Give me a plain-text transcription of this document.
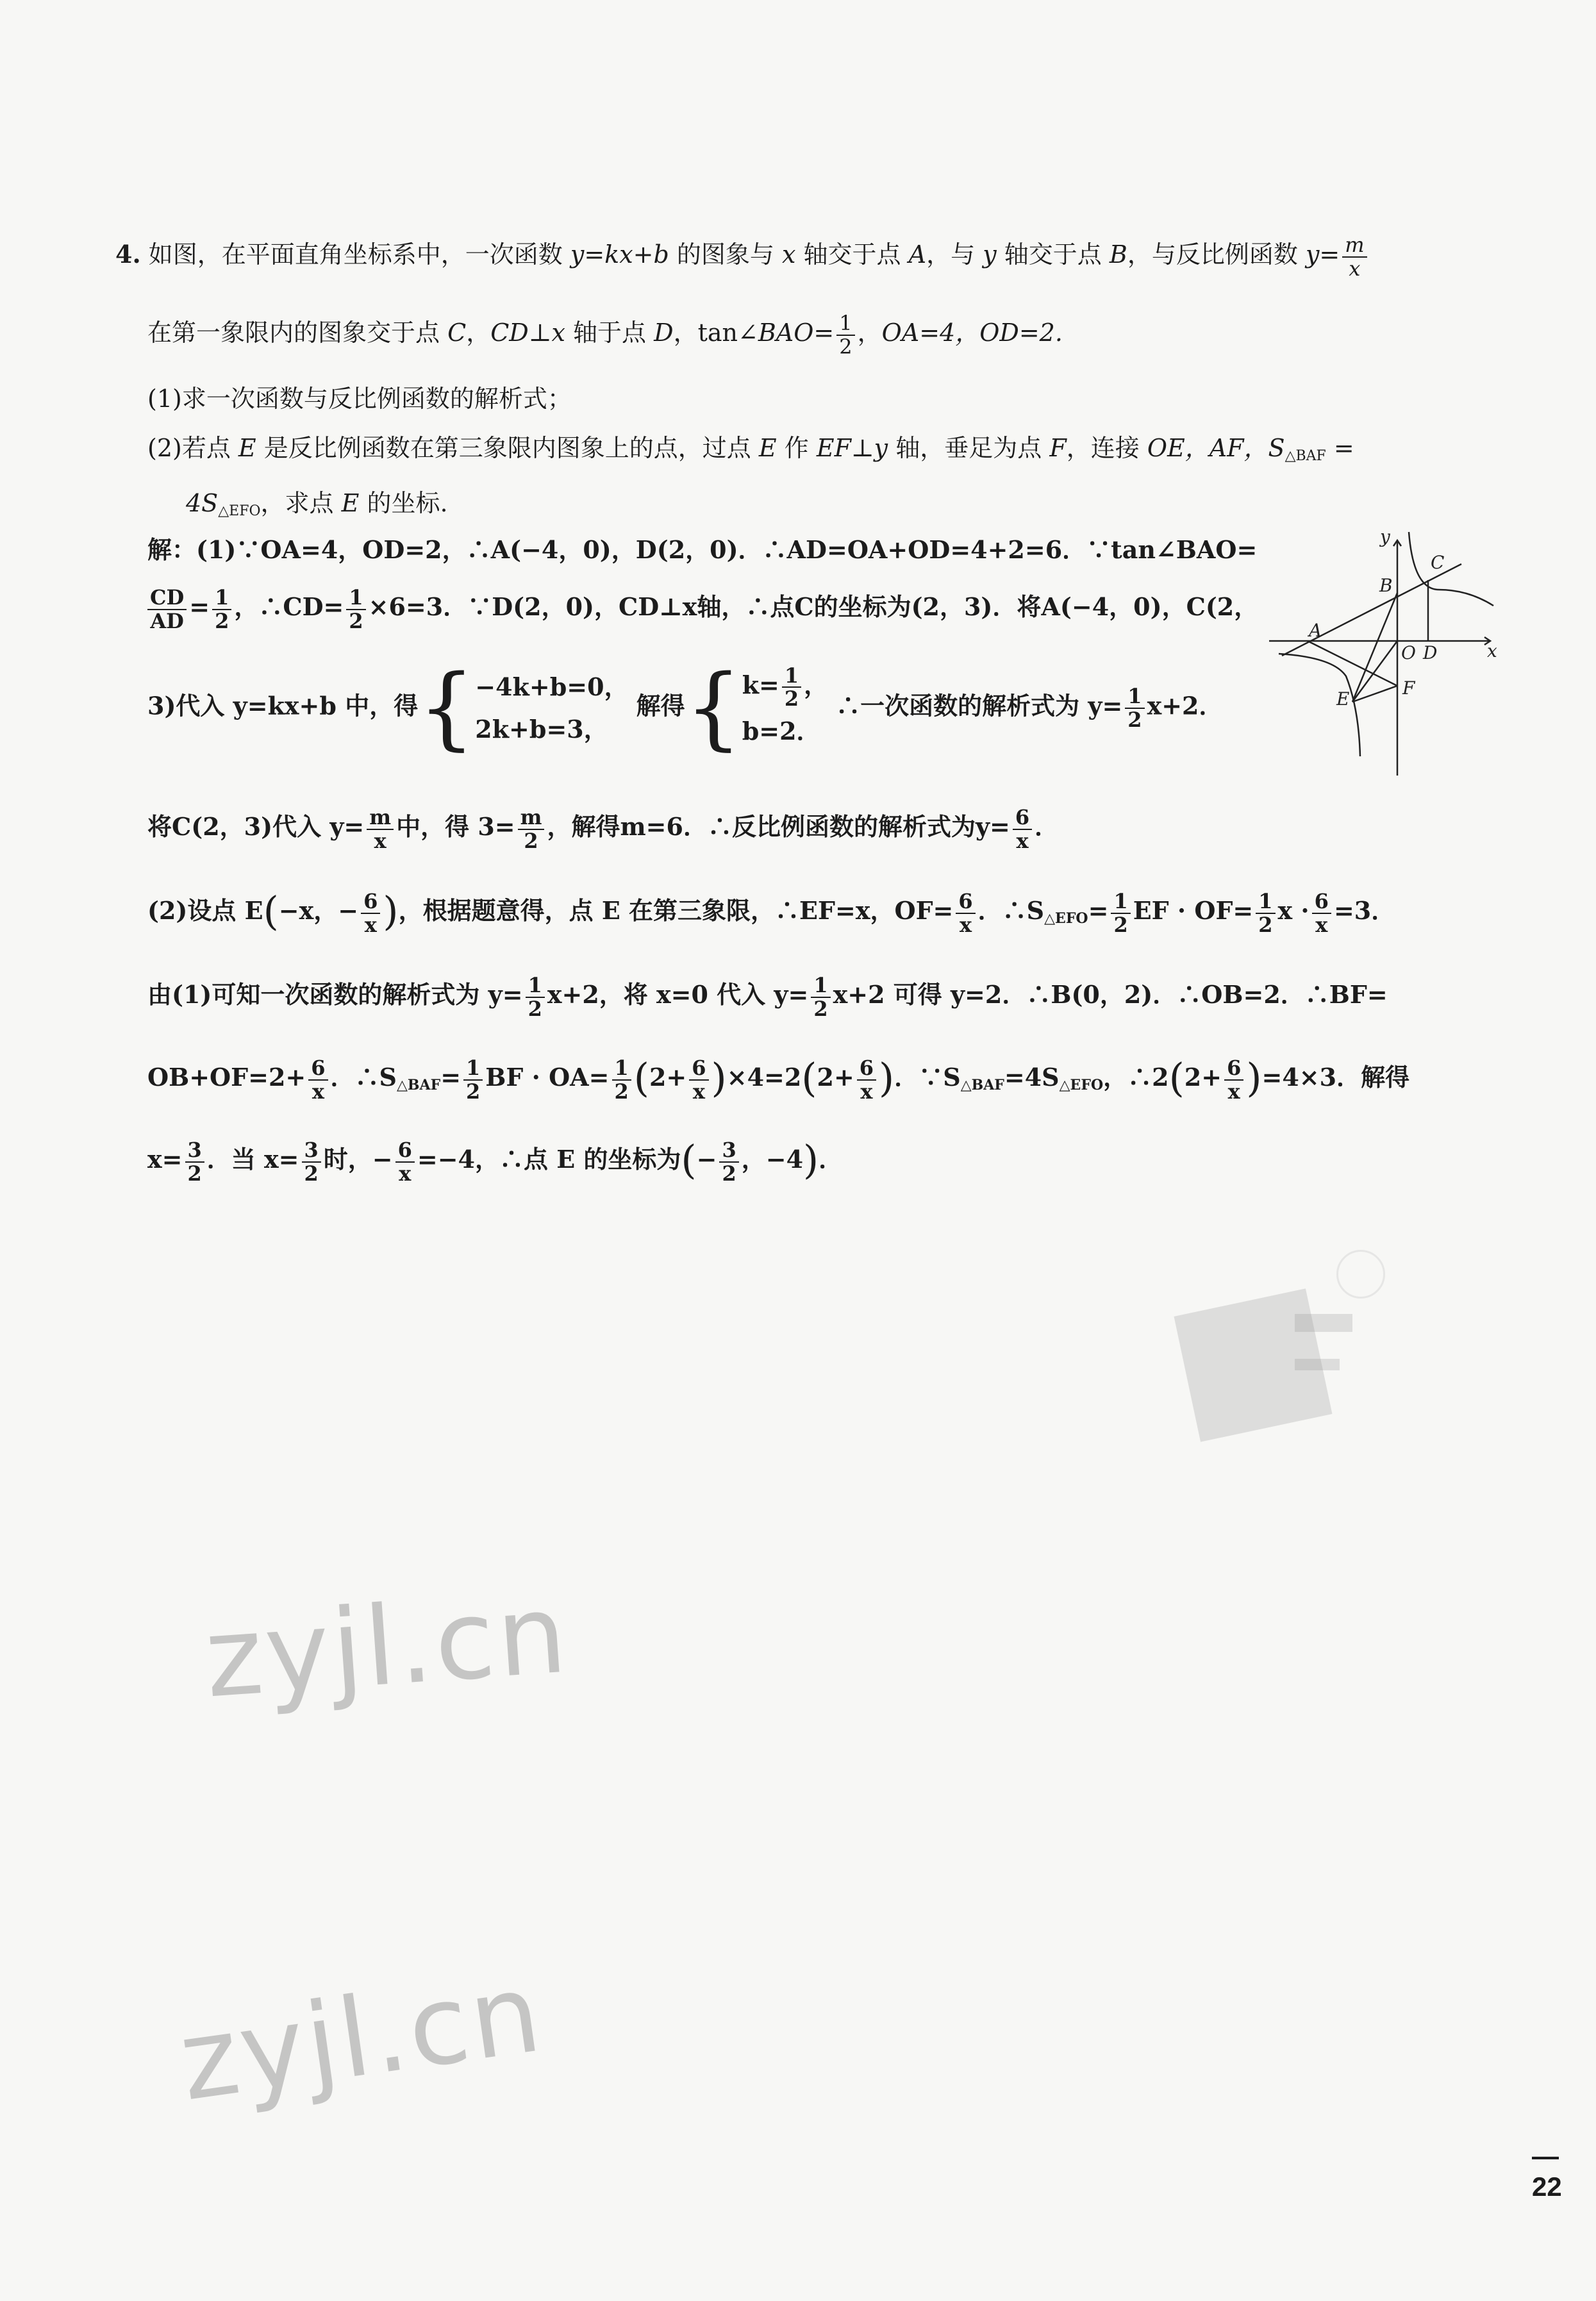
4. 如图，在平面直角坐标系中，一次函数 y=kx+b 的图象与 x 轴交于点 A，与 y 轴交于点 B，与反比例函数 $y= \frac{m}{x}$
在第一象限内的图象交于点 C，CD⊥x 轴于点 D，tan∠BAO= $\frac{1}{2}$ ，OA=4，OD=2.
(1)求一次函数与反比例函数的解析式；
(2)若点 E 是反比例函数在第三象限内图象上的点，过点 E 作 EF⊥y 轴，垂足为点 F，连接 OE，AF，$S_{\triangle BAF}$ =
$4S_{\triangle EFO}$，求点 E 的坐标.
解：(1)∵OA=4，OD=2，∴A(−4，0)，D(2，0)．∴AD=OA+OD=4+2=6．∵tan∠BAO=
$\frac{CD}{AD} = \frac{1}{2}$ ，∴CD= $\frac{1}{2} \times 6=3$．∵D(2，0)，CD⊥x轴，∴点C的坐标为(2，3)．将A(−4，0)，C(2，
3)代入 y=kx+b 中，得{ −4k+b=0，
2k+b=3，
解得{ $k= \frac{1}{2}$ ，
b=2．
∴一次函数的解析式为 $y= \frac{1}{2} x+2$．
将C(2，3)代入 $y= \frac{m}{x}$ 中，得 $3= \frac{m}{2}$ ，解得m=6．∴反比例函数的解析式为$y= \frac{6}{x}$ ．
(2)设点 E(−x，− $\frac{6}{x}$ )，根据题意得，点 E 在第三象限，∴EF=x，$OF= \frac{6}{x}$ ．$\therefore S_{\triangle EFO}= \frac{1}{2}$ EF · $OF= \frac{1}{2}$ $x \cdot \frac{6}{x} =3$．
由(1)可知一次函数的解析式为 $y= \frac{1}{2} x+2$，将 x=0 代入 $y= \frac{1}{2} x+2$ 可得 y=2．∴B(0，2)．∴OB=2．∴BF=
$OB+OF=2+ \frac{6}{x}$ ．$\therefore S_{\triangle BAF}= \frac{1}{2}$ BF · $OA= \frac{1}{2} (2+ \frac{6}{x} )\times 4=2(2+ \frac{6}{x}$ )．$\because S_{\triangle BAF}=4S_{\triangle EFO}$，∴2(2+ $\frac{6}{x} )=4\times 3$．解得
$x= \frac{3}{2}$ ．当 $x= \frac{3}{2}$ 时，− $\frac{6}{x} =-4$，∴点 E 的坐标为(− $\frac{3}{2}$ ，−4)．
y
x
C
B
A
O D
F
E
zyjl.cn
zyjl.cn
— 22
